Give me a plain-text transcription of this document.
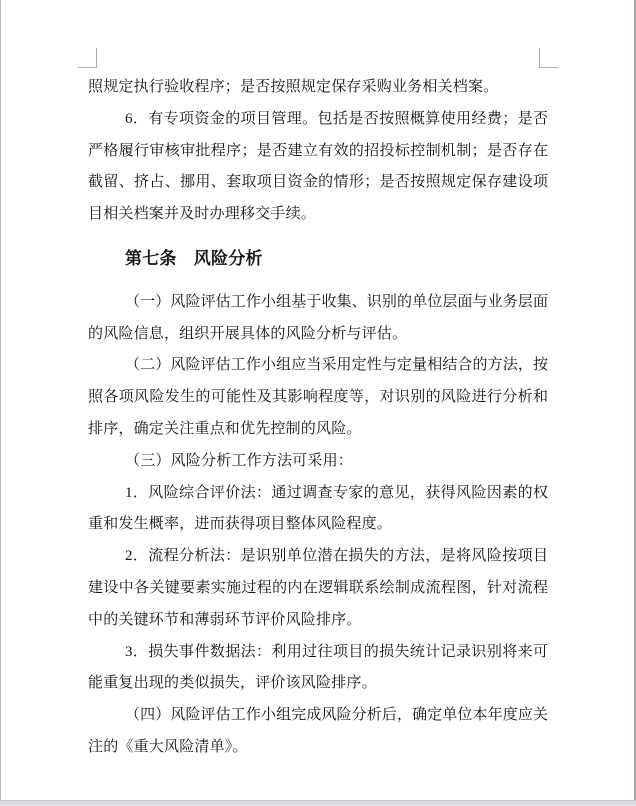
照规定执行验收程序；是否按照规定保存采购业务相关档案。
6．有专项资金的项目管理。包括是否按照概算使用经费；是否
严格履行审核审批程序；是否建立有效的招投标控制机制；是否存在
截留、挤占、挪用、套取项目资金的情形；是否按照规定保存建设项
目相关档案并及时办理移交手续。
第七条　风险分析
（一）风险评估工作小组基于收集、识别的单位层面与业务层面
的风险信息，组织开展具体的风险分析与评估。
（二）风险评估工作小组应当采用定性与定量相结合的方法，按
照各项风险发生的可能性及其影响程度等，对识别的风险进行分析和
排序，确定关注重点和优先控制的风险。
（三）风险分析工作方法可采用：
1．风险综合评价法：通过调查专家的意见，获得风险因素的权
重和发生概率，进而获得项目整体风险程度。
2．流程分析法：是识别单位潜在损失的方法，是将风险按项目
建设中各关键要素实施过程的内在逻辑联系绘制成流程图，针对流程
中的关键环节和薄弱环节评价风险排序。
3．损失事件数据法：利用过往项目的损失统计记录识别将来可
能重复出现的类似损失，评价该风险排序。
（四）风险评估工作小组完成风险分析后，确定单位本年度应关
注的《重大风险清单》。
